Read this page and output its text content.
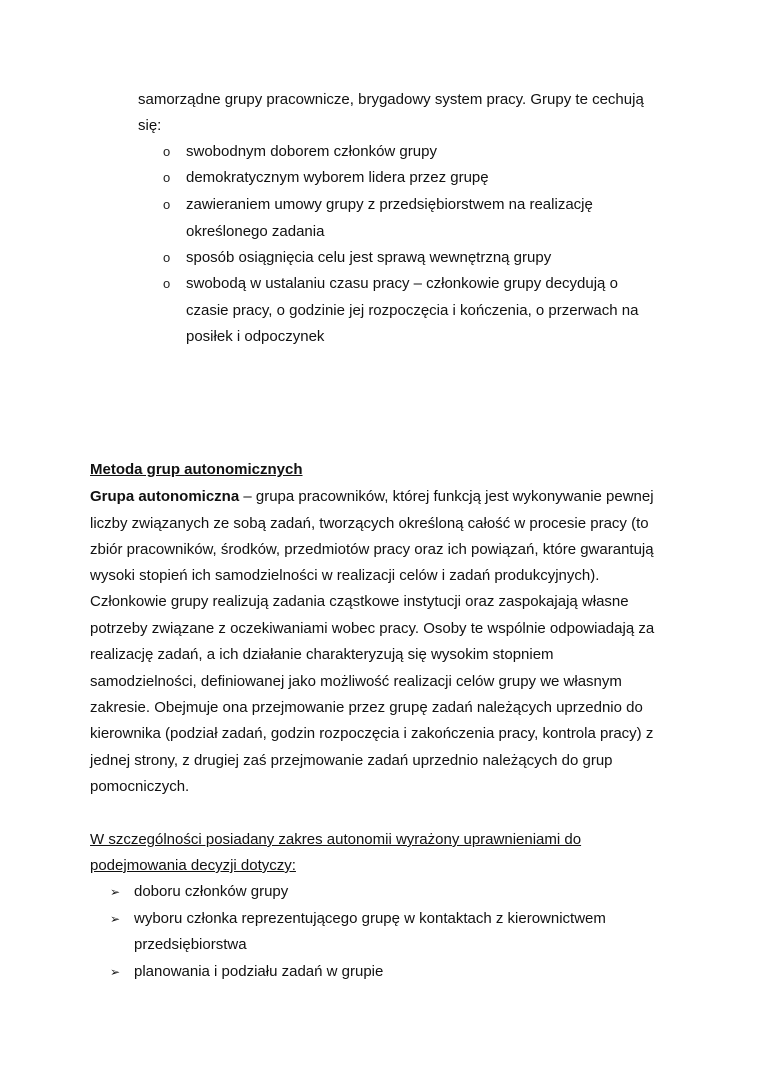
samorządne grupy pracownicze, brygadowy system pracy. Grupy te cechują
się:
o swobodnym doborem członków grupy
o demokratycznym wyborem lidera przez grupę
o zawieraniem umowy grupy z przedsiębiorstwem na realizację
określonego zadania
o sposób osiągnięcia celu jest sprawą wewnętrzną grupy
o swobodą w ustalaniu czasu pracy – członkowie grupy decydują o
czasie pracy, o godzinie jej rozpoczęcia i kończenia, o przerwach na
posiłek i odpoczynek
Metoda grup autonomicznych
Grupa autonomiczna – grupa pracowników, której funkcją jest wykonywanie pewnej
liczby związanych ze sobą zadań, tworzących określoną całość w procesie pracy (to
zbiór pracowników, środków, przedmiotów pracy oraz ich powiązań, które gwarantują
wysoki stopień ich samodzielności w realizacji celów i zadań produkcyjnych).
Członkowie grupy realizują zadania cząstkowe instytucji oraz zaspokajają własne
potrzeby związane z oczekiwaniami wobec pracy. Osoby te wspólnie odpowiadają za
realizację zadań, a ich działanie charakteryzują się wysokim stopniem
samodzielności, definiowanej jako możliwość realizacji celów grupy we własnym
zakresie. Obejmuje ona przejmowanie przez grupę zadań należących uprzednio do
kierownika (podział zadań, godzin rozpoczęcia i zakończenia pracy, kontrola pracy) z
jednej strony, z drugiej zaś przejmowanie zadań uprzednio należących do grup
pomocniczych.
W szczególności posiadany zakres autonomii wyrażony uprawnieniami do
podejmowania decyzji dotyczy:
➢ doboru członków grupy
➢ wyboru członka reprezentującego grupę w kontaktach z kierownictwem
przedsiębiorstwa
➢ planowania i podziału zadań w grupie
